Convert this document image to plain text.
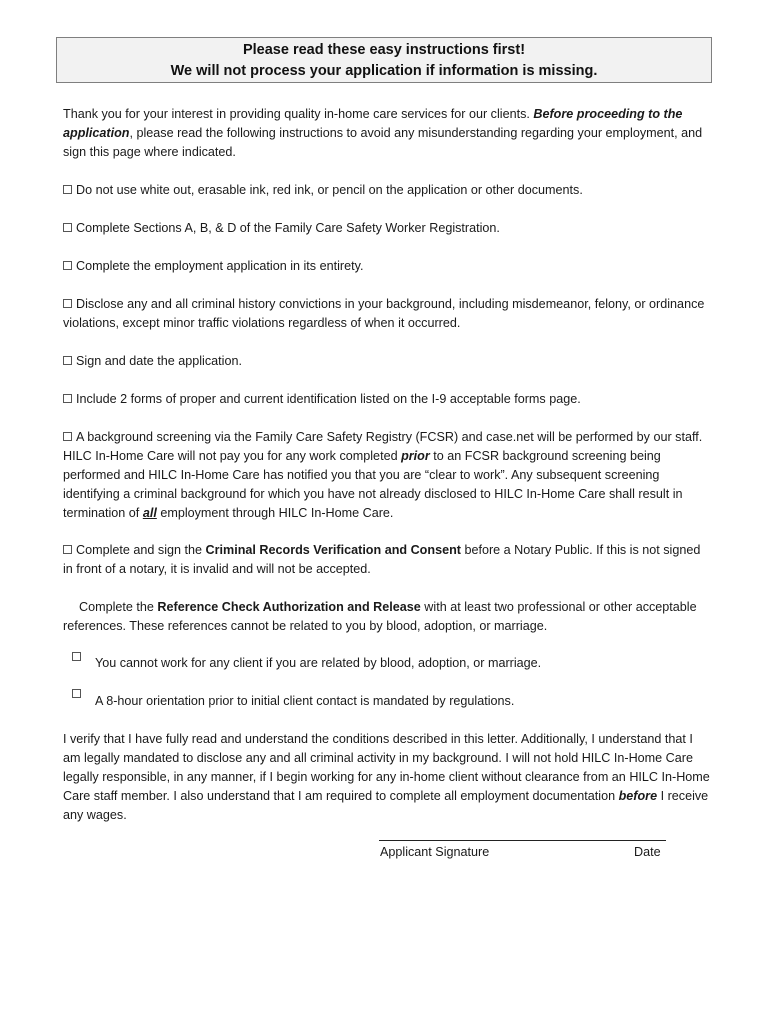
Please read these easy instructions first!
We will not process your application if information is missing.
Thank you for your interest in providing quality in-home care services for our clients. Before proceeding to the application, please read the following instructions to avoid any misunderstanding regarding your employment, and sign this page where indicated.
Do not use white out, erasable ink, red ink, or pencil on the application or other documents.
Complete Sections A, B, & D of the Family Care Safety Worker Registration.
Complete the employment application in its entirety.
Disclose any and all criminal history convictions in your background, including misdemeanor, felony, or ordinance violations, except minor traffic violations regardless of when it occurred.
Sign and date the application.
Include 2 forms of proper and current identification listed on the I-9 acceptable forms page.
A background screening via the Family Care Safety Registry (FCSR) and case.net will be performed by our staff. HILC In-Home Care will not pay you for any work completed prior to an FCSR background screening being performed and HILC In-Home Care has notified you that you are “clear to work”. Any subsequent screening identifying a criminal background for which you have not already disclosed to HILC In-Home Care shall result in termination of all employment through HILC In-Home Care.
Complete and sign the Criminal Records Verification and Consent before a Notary Public. If this is not signed in front of a notary, it is invalid and will not be accepted.
Complete the Reference Check Authorization and Release with at least two professional or other acceptable references. These references cannot be related to you by blood, adoption, or marriage.
You cannot work for any client if you are related by blood, adoption, or marriage.
A 8-hour orientation prior to initial client contact is mandated by regulations.
I verify that I have fully read and understand the conditions described in this letter. Additionally, I understand that I am legally mandated to disclose any and all criminal activity in my background. I will not hold HILC In-Home Care legally responsible, in any manner, if I begin working for any in-home client without clearance from an HILC In-Home Care staff member. I also understand that I am required to complete all employment documentation before I receive any wages.
Applicant Signature	Date
